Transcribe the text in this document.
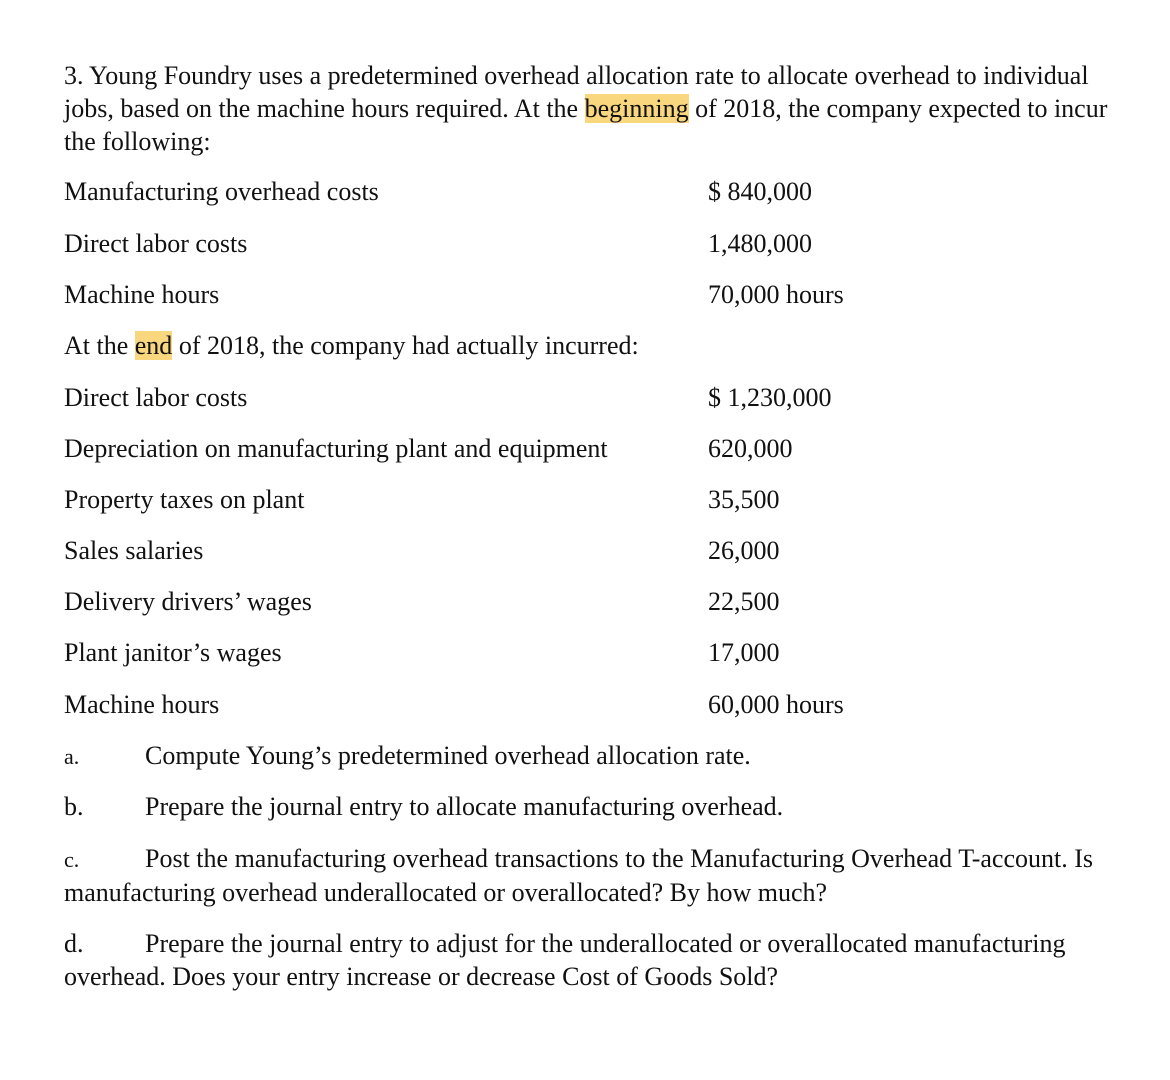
3. Young Foundry uses a predetermined overhead allocation rate to allocate overhead to individual jobs, based on the machine hours required. At the beginning of 2018, the company expected to incur the following:

Manufacturing overhead costs	$ 840,000
Direct labor costs	1,480,000
Machine hours	70,000 hours
At the end of 2018, the company had actually incurred:
Direct labor costs	$ 1,230,000
Depreciation on manufacturing plant and equipment	620,000
Property taxes on plant	35,500
Sales salaries	26,000
Delivery drivers’ wages	22,500
Plant janitor’s wages	17,000
Machine hours	60,000 hours
a.	Compute Young’s predetermined overhead allocation rate.
b. Prepare the journal entry to allocate manufacturing overhead.
c.	Post the manufacturing overhead transactions to the Manufacturing Overhead T-account. Is manufacturing overhead underallocated or overallocated? By how much?
d. Prepare the journal entry to adjust for the underallocated or overallocated manufacturing overhead. Does your entry increase or decrease Cost of Goods Sold?
